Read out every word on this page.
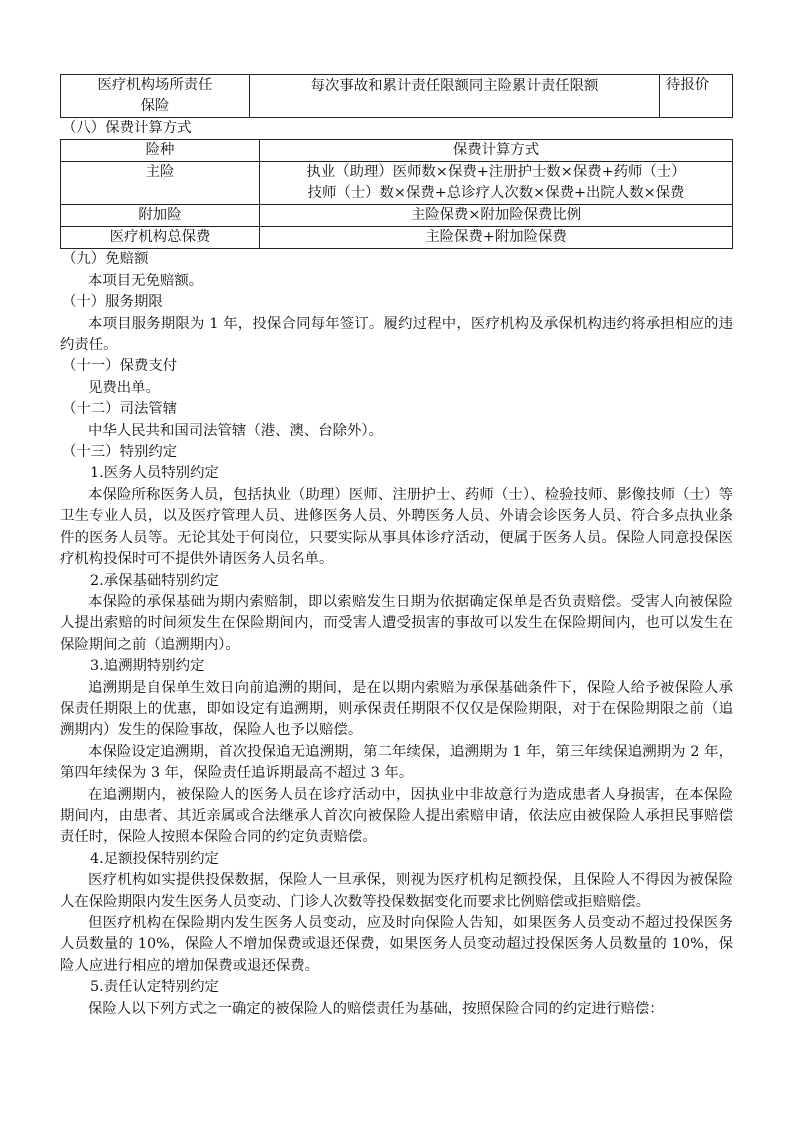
医疗机构场所责任
保险
	每次事故和累计责任限额同主险累计责任限额	待报价

（八）保费计算方式

险种	保费计算方式
主险	执业（助理）医师数×保费+注册护士数×保费+药师（士）
技师（士）数×保费+总诊疗人次数×保费+出院人数×保费

附加险	主险保费×附加险保费比例
医疗机构总保费	主险保费+附加险保费

（九）免赔额

本项目无免赔额。

（十）服务期限

本项目服务期限为 1 年，投保合同每年签订。履约过程中，医疗机构及承保机构违约将承担相应的违约责任。

（十一）保费支付

见费出单。

（十二）司法管辖

中华人民共和国司法管辖（港、澳、台除外）。

（十三）特别约定

1.医务人员特别约定

本保险所称医务人员，包括执业（助理）医师、注册护士、药师（士）、检验技师、影像技师（士）等卫生专业人员，以及医疗管理人员、进修医务人员、外聘医务人员、外请会诊医务人员、符合多点执业条件的医务人员等。无论其处于何岗位，只要实际从事具体诊疗活动，便属于医务人员。保险人同意投保医疗机构投保时可不提供外请医务人员名单。

2.承保基础特别约定

本保险的承保基础为期内索赔制，即以索赔发生日期为依据确定保单是否负责赔偿。受害人向被保险人提出索赔的时间须发生在保险期间内，而受害人遭受损害的事故可以发生在保险期间内，也可以发生在保险期间之前（追溯期内）。

3.追溯期特别约定

追溯期是自保单生效日向前追溯的期间，是在以期内索赔为承保基础条件下，保险人给予被保险人承保责任期限上的优惠，即如设定有追溯期，则承保责任期限不仅仅是保险期限，对于在保险期限之前（追溯期内）发生的保险事故，保险人也予以赔偿。

本保险设定追溯期，首次投保追无追溯期，第二年续保，追溯期为 1 年，第三年续保追溯期为 2 年，第四年续保为 3 年，保险责任追诉期最高不超过 3 年。

在追溯期内，被保险人的医务人员在诊疗活动中，因执业中非故意行为造成患者人身损害，在本保险期间内，由患者、其近亲属或合法继承人首次向被保险人提出索赔申请，依法应由被保险人承担民事赔偿责任时，保险人按照本保险合同的约定负责赔偿。

4.足额投保特别约定

医疗机构如实提供投保数据，保险人一旦承保，则视为医疗机构足额投保，且保险人不得因为被保险人在保险期限内发生医务人员变动、门诊人次数等投保数据变化而要求比例赔偿或拒赔赔偿。

但医疗机构在保险期内发生医务人员变动，应及时向保险人告知，如果医务人员变动不超过投保医务人员数量的 10%，保险人不增加保费或退还保费，如果医务人员变动超过投保医务人员数量的 10%，保险人应进行相应的增加保费或退还保费。

5.责任认定特别约定

保险人以下列方式之一确定的被保险人的赔偿责任为基础，按照保险合同的约定进行赔偿：
